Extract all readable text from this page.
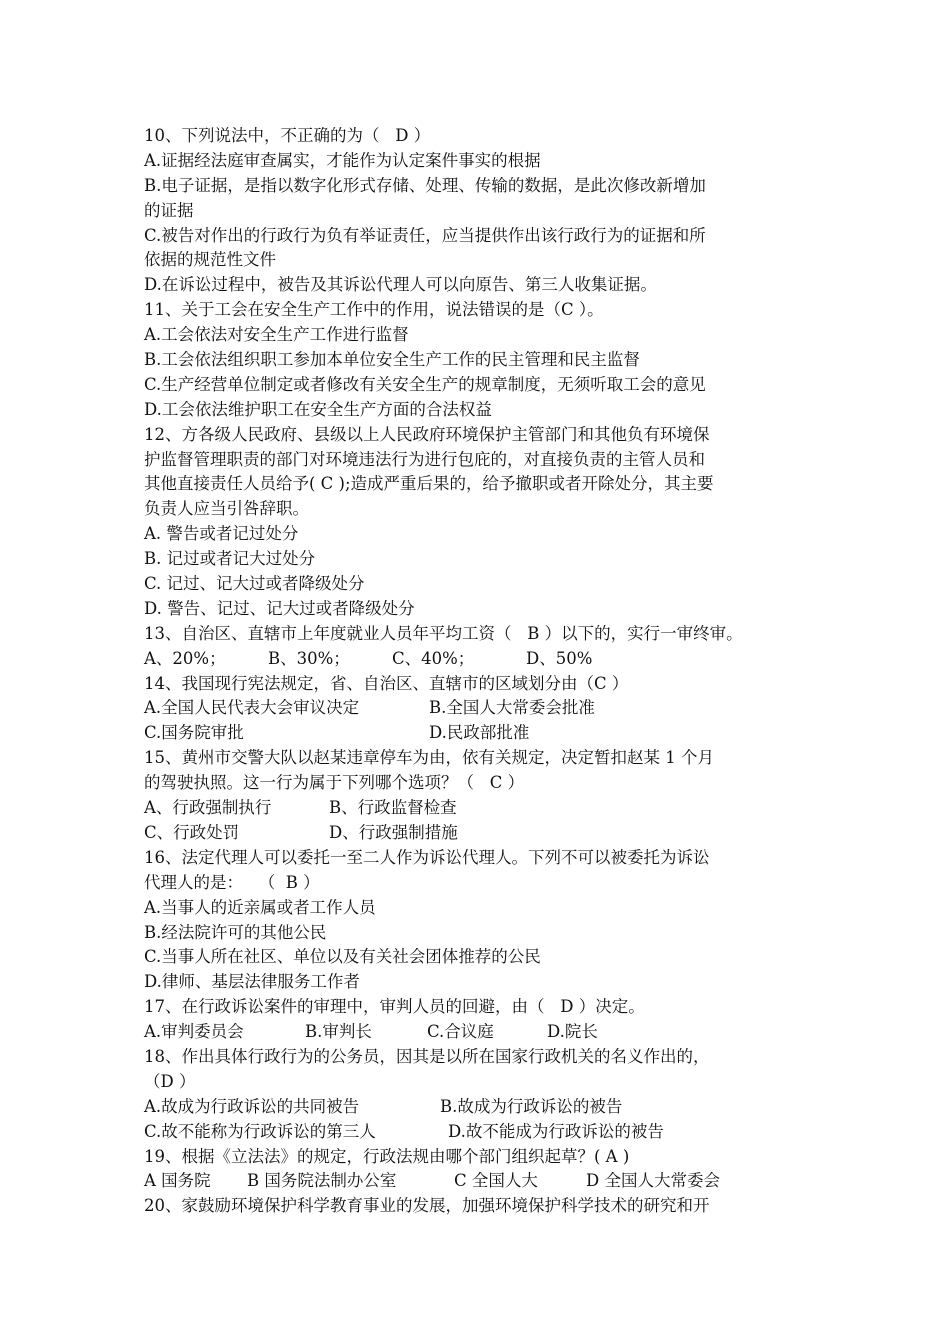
10、下列说法中，不正确的为（   D ）
A.证据经法庭审查属实，才能作为认定案件事实的根据
B.电子证据，是指以数字化形式存储、处理、传输的数据，是此次修改新增加
的证据
C.被告对作出的行政行为负有举证责任，应当提供作出该行政行为的证据和所
依据的规范性文件
D.在诉讼过程中，被告及其诉讼代理人可以向原告、第三人收集证据。
11、关于工会在安全生产工作中的作用，说法错误的是（C ）。
A.工会依法对安全生产工作进行监督
B.工会依法组织职工参加本单位安全生产工作的民主管理和民主监督
C.生产经营单位制定或者修改有关安全生产的规章制度，无须听取工会的意见
D.工会依法维护职工在安全生产方面的合法权益
12、方各级人民政府、县级以上人民政府环境保护主管部门和其他负有环境保
护监督管理职责的部门对环境违法行为进行包庇的，对直接负责的主管人员和
其他直接责任人员给予( C );造成严重后果的，给予撤职或者开除处分，其主要
负责人应当引咎辞职。
A. 警告或者记过处分
B. 记过或者记大过处分
C. 记过、记大过或者降级处分
D. 警告、记过、记大过或者降级处分
13、自治区、直辖市上年度就业人员年平均工资（   B ）以下的，实行一审终审。
A、20%；	B、30%；	C、40%；	D、50%
14、我国现行宪法规定，省、自治区、直辖市的区域划分由（C ）
A.全国人民代表大会审议决定	B.全国人大常委会批准
C.国务院审批	D.民政部批准
15、黄州市交警大队以赵某违章停车为由，依有关规定，决定暂扣赵某 1 个月
的驾驶执照。这一行为属于下列哪个选项？（   C ）
A、行政强制执行	B、行政监督检查
C、行政处罚	D、行政强制措施
16、法定代理人可以委托一至二人作为诉讼代理人。下列不可以被委托为诉讼
代理人的是：   （  B ）
A.当事人的近亲属或者工作人员
B.经法院许可的其他公民
C.当事人所在社区、单位以及有关社会团体推荐的公民
D.律师、基层法律服务工作者
17、在行政诉讼案件的审理中，审判人员的回避，由（   D ）决定。
A.审判委员会	B.审判长	C.合议庭	D.院长
18、作出具体行政行为的公务员，因其是以所在国家行政机关的名义作出的，
（D ）
A.故成为行政诉讼的共同被告	B.故成为行政诉讼的被告
C.故不能称为行政诉讼的第三人	D.故不能成为行政诉讼的被告
19、根据《立法法》的规定，行政法规由哪个部门组织起草？( A )
A 国务院	B 国务院法制办公室	C 全国人大	D 全国人大常委会
20、家鼓励环境保护科学教育事业的发展，加强环境保护科学技术的研究和开
